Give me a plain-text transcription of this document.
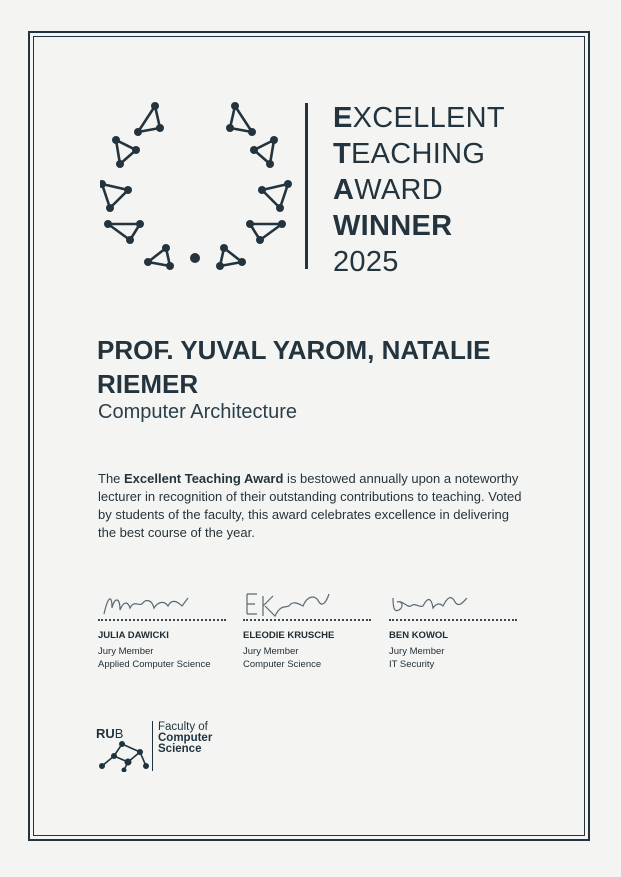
EXCELLENT
TEACHING
AWARD
WINNER
2025
PROF. YUVAL YAROM, NATALIE RIEMER
Computer Architecture
The Excellent Teaching Award is bestowed annually upon a noteworthy lecturer in recognition of their outstanding contributions to teaching. Voted by students of the faculty, this award celebrates excellence in delivering the best course of the year.
JULIA DAWICKI
Jury Member
Applied Computer Science
ELEODIE KRUSCHE
Jury Member
Computer Science
BEN KOWOL
Jury Member
IT Security
RUB	Faculty of
Computer
Science
